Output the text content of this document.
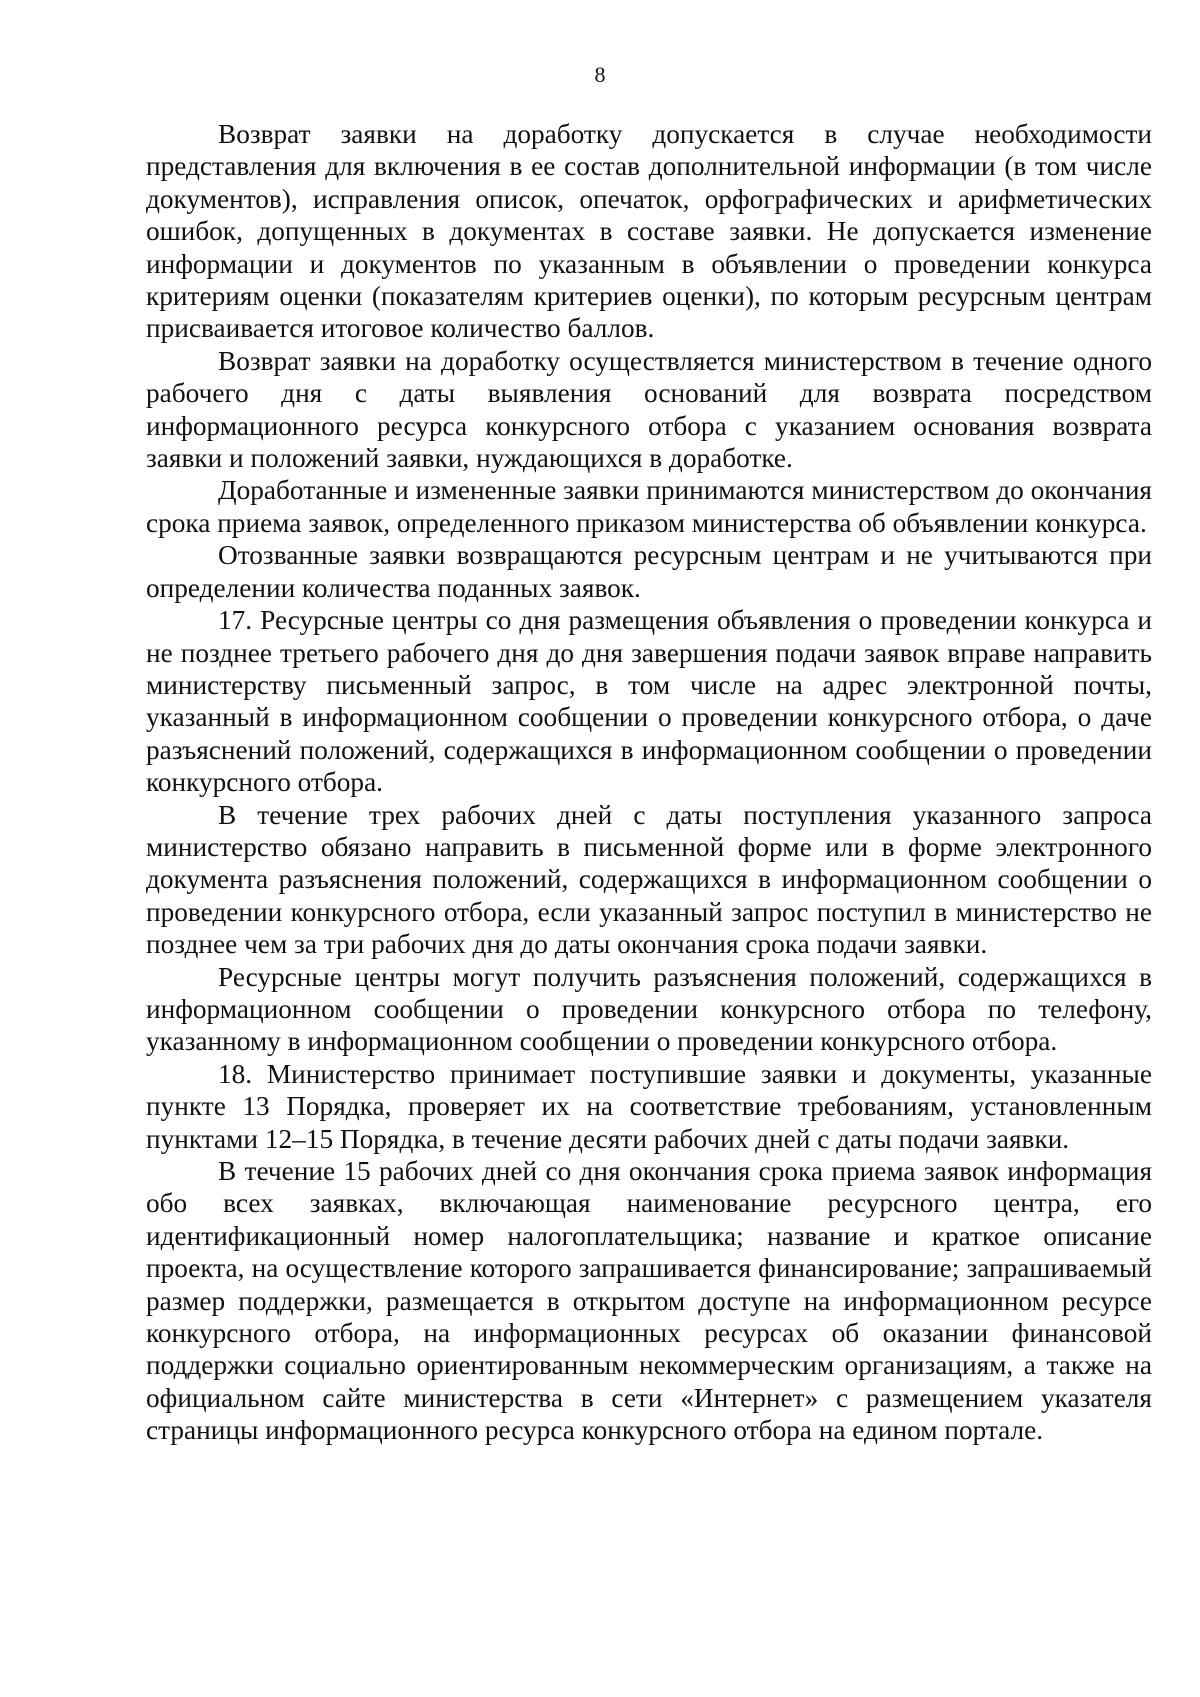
8

Возврат заявки на доработку допускается в случае необходимости представления для включения в ее состав дополнительной информации (в том числе документов), исправления описок, опечаток, орфографических и арифметических ошибок, допущенных в документах в составе заявки. Не допускается изменение информации и документов по указанным в объявлении о проведении конкурса критериям оценки (показателям критериев оценки), по которым ресурсным центрам присваивается итоговое количество баллов.

Возврат заявки на доработку осуществляется министерством в течение одного рабочего дня с даты выявления оснований для возврата посредством информационного ресурса конкурсного отбора с указанием основания возврата заявки и положений заявки, нуждающихся в доработке.

Доработанные и измененные заявки принимаются министерством до окончания срока приема заявок, определенного приказом министерства об объявлении конкурса.

Отозванные заявки возвращаются ресурсным центрам и не учитываются при определении количества поданных заявок.

17. Ресурсные центры со дня размещения объявления о проведении конкурса и не позднее третьего рабочего дня до дня завершения подачи заявок вправе направить министерству письменный запрос, в том числе на адрес электронной почты, указанный в информационном сообщении о проведении конкурсного отбора, о даче разъяснений положений, содержащихся в информационном сообщении о проведении конкурсного отбора.

В течение трех рабочих дней с даты поступления указанного запроса министерство обязано направить в письменной форме или в форме электронного документа разъяснения положений, содержащихся в информационном сообщении о проведении конкурсного отбора, если указанный запрос поступил в министерство не позднее чем за три рабочих дня до даты окончания срока подачи заявки.

Ресурсные центры могут получить разъяснения положений, содержащихся в информационном сообщении о проведении конкурсного отбора по телефону, указанному в информационном сообщении о проведении конкурсного отбора.

18. Министерство принимает поступившие заявки и документы, указанные пункте 13 Порядка, проверяет их на соответствие требованиям, установленным пунктами 12–15 Порядка, в течение десяти рабочих дней с даты подачи заявки.

В течение 15 рабочих дней со дня окончания срока приема заявок информация обо всех заявках, включающая наименование ресурсного центра, его идентификационный номер налогоплательщика; название и краткое описание проекта, на осуществление которого запрашивается финансирование; запрашиваемый размер поддержки, размещается в открытом доступе на информационном ресурсе конкурсного отбора, на информационных ресурсах об оказании финансовой поддержки социально ориентированным некоммерческим организациям, а также на официальном сайте министерства в сети «Интернет» с размещением указателя страницы информационного ресурса конкурсного отбора на едином портале.
